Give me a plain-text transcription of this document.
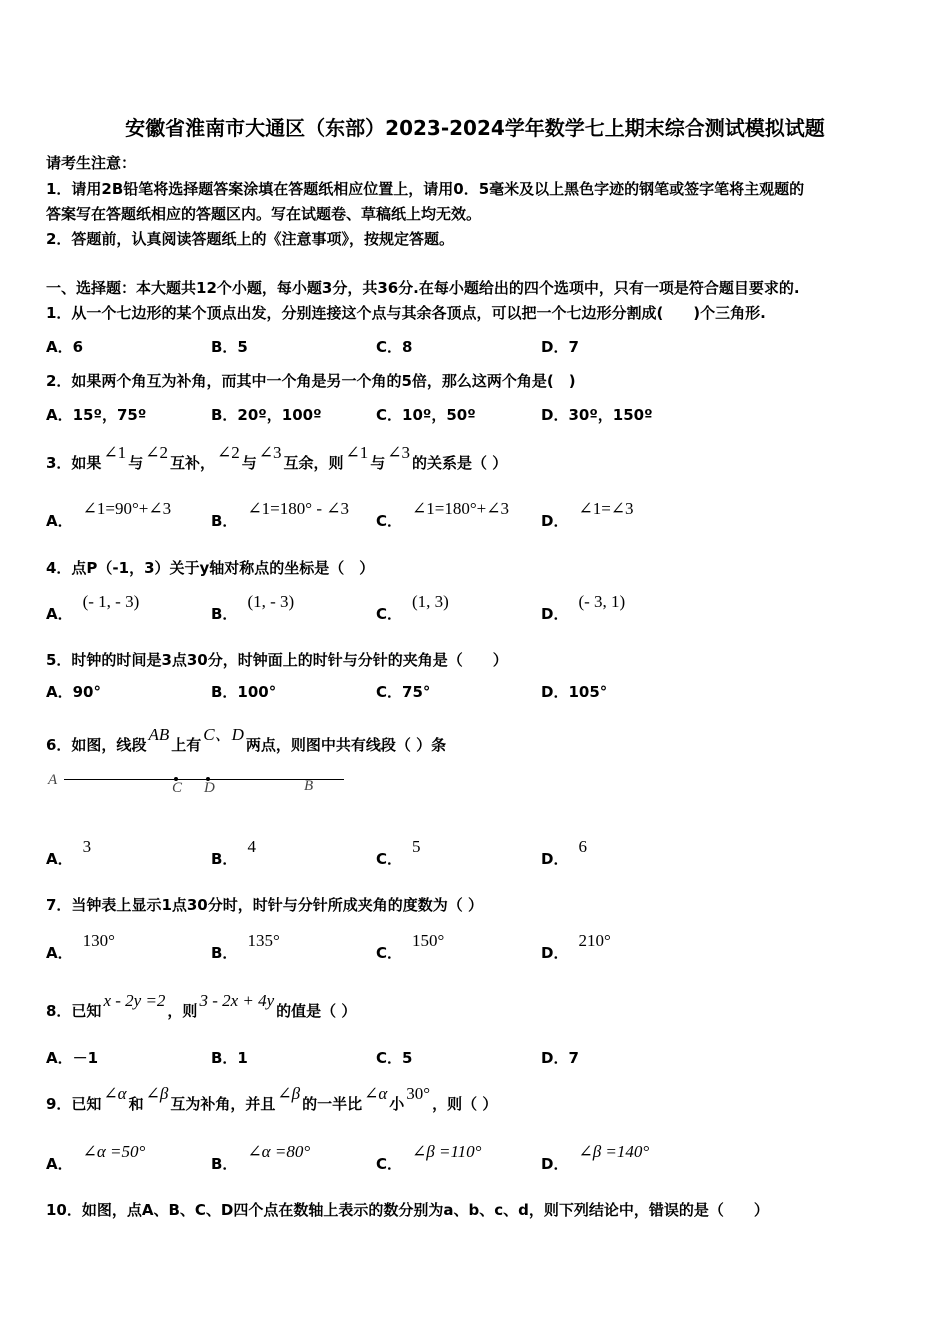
安徽省淮南市大通区（东部）2023-2024学年数学七上期末综合测试模拟试题
请考生注意：
1．请用2B铅笔将选择题答案涂填在答题纸相应位置上，请用0．5毫米及以上黑色字迹的钢笔或签字笔将主观题的
答案写在答题纸相应的答题区内。写在试题卷、草稿纸上均无效。
2．答题前，认真阅读答题纸上的《注意事项》，按规定答题。
一、选择题：本大题共12个小题，每小题3分，共36分.在每小题给出的四个选项中，只有一项是符合题目要求的.
1．从一个七边形的某个顶点出发，分别连接这个点与其余各顶点，可以把一个七边形分割成(　　)个三角形.
A．6	B．5	C．8	D．7
2．如果两个角互为补角，而其中一个角是另一个角的5倍，那么这两个角是(　)
A．15º，75º	B．20º，100º	C．10º，50º	D．30º，150º
3．如果∠1与∠2互补，∠2与∠3互余，则∠1与∠3的关系是（ ）
A．∠1=90°+∠3
B．∠1=180° - ∠3
C．∠1=180°+∠3
D．∠1=∠3
4．点P（-1，3）关于y轴对称点的坐标是（　）
A．(- 1, - 3)
B．(1, - 3)
C．(1, 3)
D．(- 3, 1)
5．时钟的时间是3点30分，时钟面上的时针与分针的夹角是（　　）
A．90°	B．100°	C．75°	D．105°
6．如图，线段AB上有C、D两点，则图中共有线段（ ）条
A	C D	B
A．3
B．4
C．5
D．6
7．当钟表上显示1点30分时，时针与分针所成夹角的度数为（ ）
A．130°
B．135°
C．150°
D．210°
8．已知x - 2y =2，则3 - 2x + 4y的值是（ ）
A．－1	B．1	C．5	D．7
9．已知∠α和∠β互为补角，并且∠β的一半比∠α小30°，则（ ）
A．∠α =50°
B．∠α =80°
C．∠β =110°
D．∠β =140°
10．如图，点A、B、C、D四个点在数轴上表示的数分别为a、b、c、d，则下列结论中，错误的是（　　）
